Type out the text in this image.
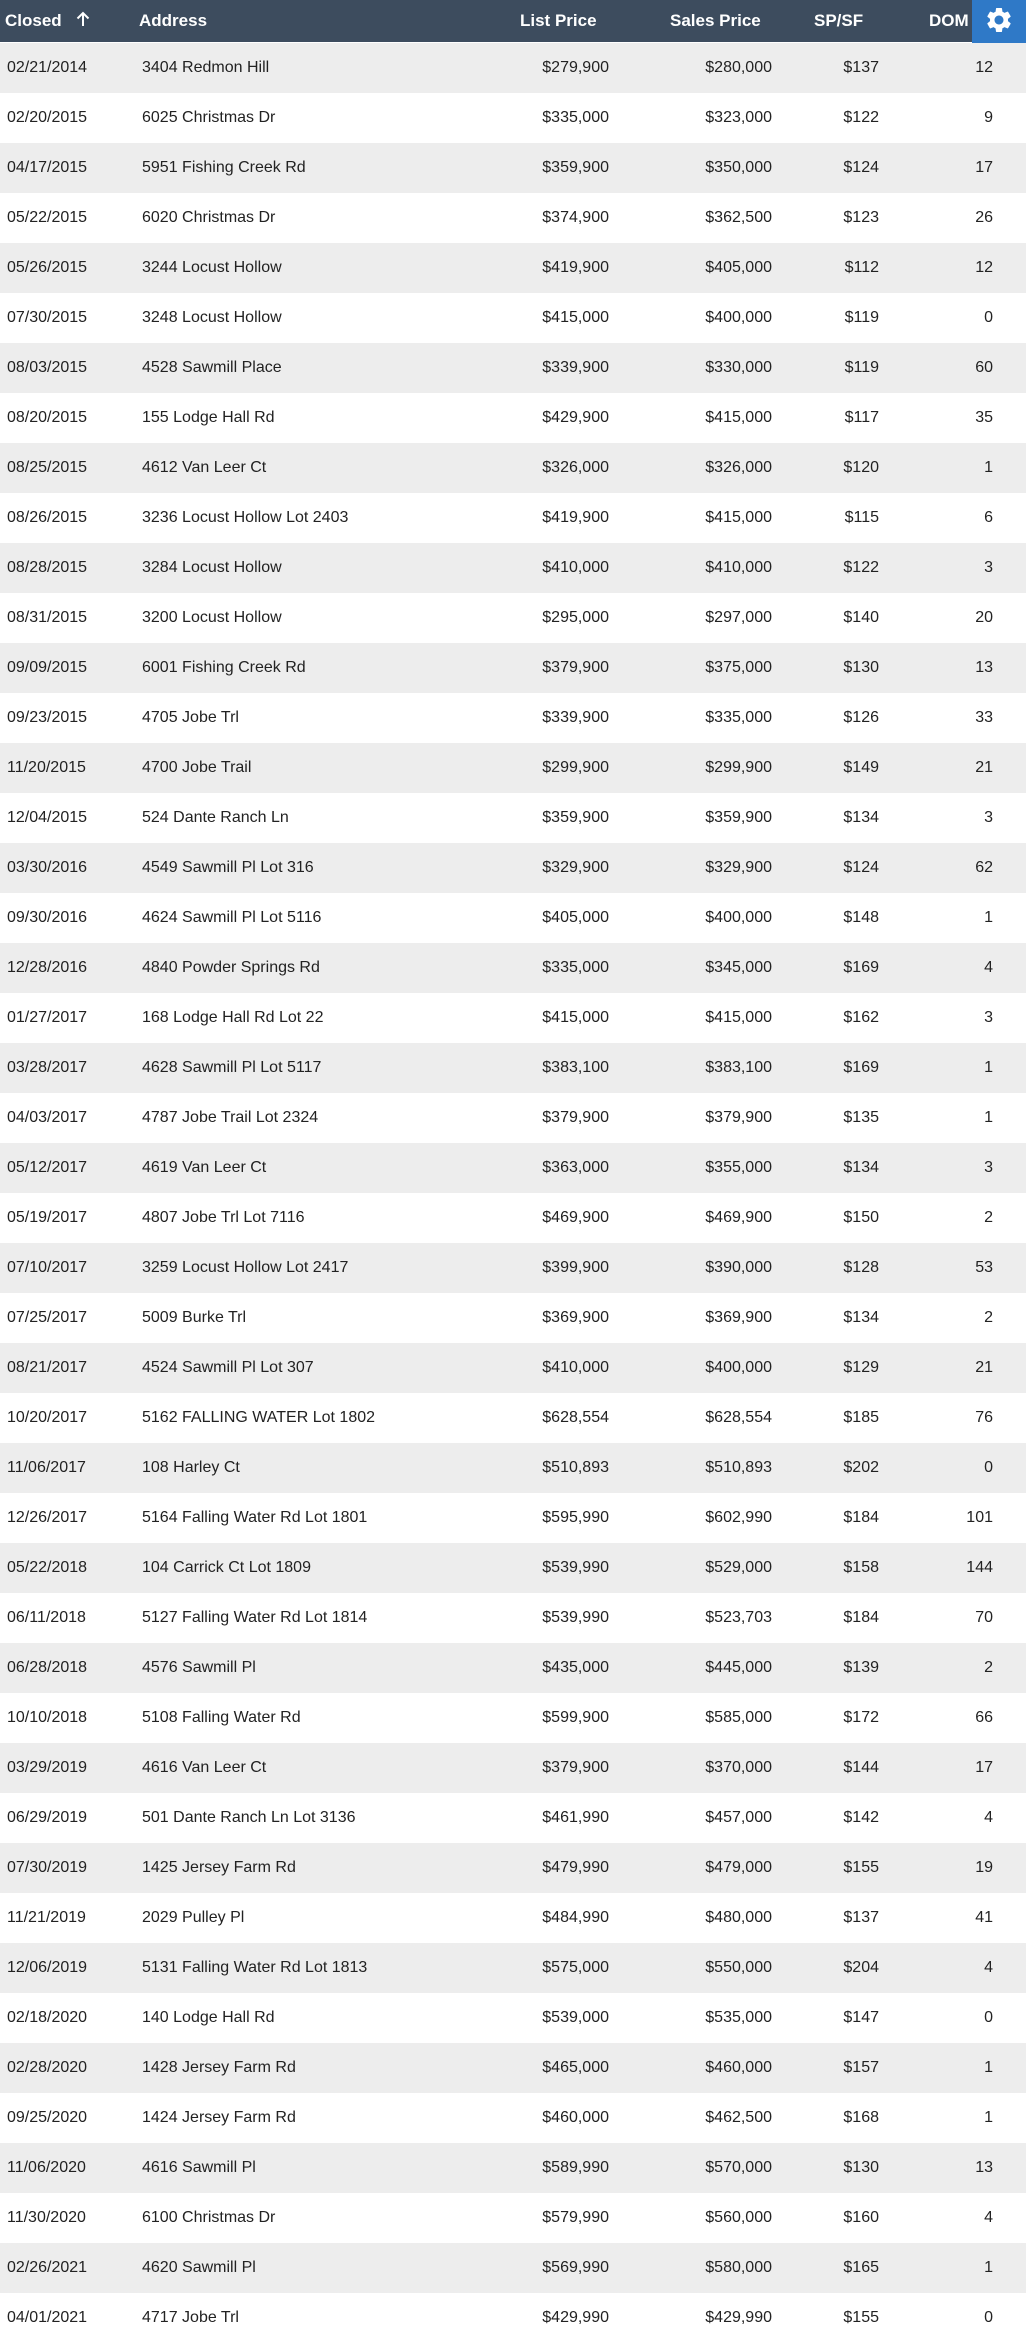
Closed	Address	List Price	Sales Price	SP/SF	DOM
02/21/2014	3404 Redmon Hill	$279,900	$280,000	$137	12
02/20/2015	6025 Christmas Dr	$335,000	$323,000	$122	9
04/17/2015	5951 Fishing Creek Rd	$359,900	$350,000	$124	17
05/22/2015	6020 Christmas Dr	$374,900	$362,500	$123	26
05/26/2015	3244 Locust Hollow	$419,900	$405,000	$112	12
07/30/2015	3248 Locust Hollow	$415,000	$400,000	$119	0
08/03/2015	4528 Sawmill Place	$339,900	$330,000	$119	60
08/20/2015	155 Lodge Hall Rd	$429,900	$415,000	$117	35
08/25/2015	4612 Van Leer Ct	$326,000	$326,000	$120	1
08/26/2015	3236 Locust Hollow Lot 2403	$419,900	$415,000	$115	6
08/28/2015	3284 Locust Hollow	$410,000	$410,000	$122	3
08/31/2015	3200 Locust Hollow	$295,000	$297,000	$140	20
09/09/2015	6001 Fishing Creek Rd	$379,900	$375,000	$130	13
09/23/2015	4705 Jobe Trl	$339,900	$335,000	$126	33
11/20/2015	4700 Jobe Trail	$299,900	$299,900	$149	21
12/04/2015	524 Dante Ranch Ln	$359,900	$359,900	$134	3
03/30/2016	4549 Sawmill Pl Lot 316	$329,900	$329,900	$124	62
09/30/2016	4624 Sawmill Pl Lot 5116	$405,000	$400,000	$148	1
12/28/2016	4840 Powder Springs Rd	$335,000	$345,000	$169	4
01/27/2017	168 Lodge Hall Rd Lot 22	$415,000	$415,000	$162	3
03/28/2017	4628 Sawmill Pl Lot 5117	$383,100	$383,100	$169	1
04/03/2017	4787 Jobe Trail Lot 2324	$379,900	$379,900	$135	1
05/12/2017	4619 Van Leer Ct	$363,000	$355,000	$134	3
05/19/2017	4807 Jobe Trl Lot 7116	$469,900	$469,900	$150	2
07/10/2017	3259 Locust Hollow Lot 2417	$399,900	$390,000	$128	53
07/25/2017	5009 Burke Trl	$369,900	$369,900	$134	2
08/21/2017	4524 Sawmill Pl Lot 307	$410,000	$400,000	$129	21
10/20/2017	5162 FALLING WATER Lot 1802	$628,554	$628,554	$185	76
11/06/2017	108 Harley Ct	$510,893	$510,893	$202	0
12/26/2017	5164 Falling Water Rd Lot 1801	$595,990	$602,990	$184	101
05/22/2018	104 Carrick Ct Lot 1809	$539,990	$529,000	$158	144
06/11/2018	5127 Falling Water Rd Lot 1814	$539,990	$523,703	$184	70
06/28/2018	4576 Sawmill Pl	$435,000	$445,000	$139	2
10/10/2018	5108 Falling Water Rd	$599,900	$585,000	$172	66
03/29/2019	4616 Van Leer Ct	$379,900	$370,000	$144	17
06/29/2019	501 Dante Ranch Ln Lot 3136	$461,990	$457,000	$142	4
07/30/2019	1425 Jersey Farm Rd	$479,990	$479,000	$155	19
11/21/2019	2029 Pulley Pl	$484,990	$480,000	$137	41
12/06/2019	5131 Falling Water Rd Lot 1813	$575,000	$550,000	$204	4
02/18/2020	140 Lodge Hall Rd	$539,000	$535,000	$147	0
02/28/2020	1428 Jersey Farm Rd	$465,000	$460,000	$157	1
09/25/2020	1424 Jersey Farm Rd	$460,000	$462,500	$168	1
11/06/2020	4616 Sawmill Pl	$589,990	$570,000	$130	13
11/30/2020	6100 Christmas Dr	$579,990	$560,000	$160	4
02/26/2021	4620 Sawmill Pl	$569,990	$580,000	$165	1
04/01/2021	4717 Jobe Trl	$429,990	$429,990	$155	0
